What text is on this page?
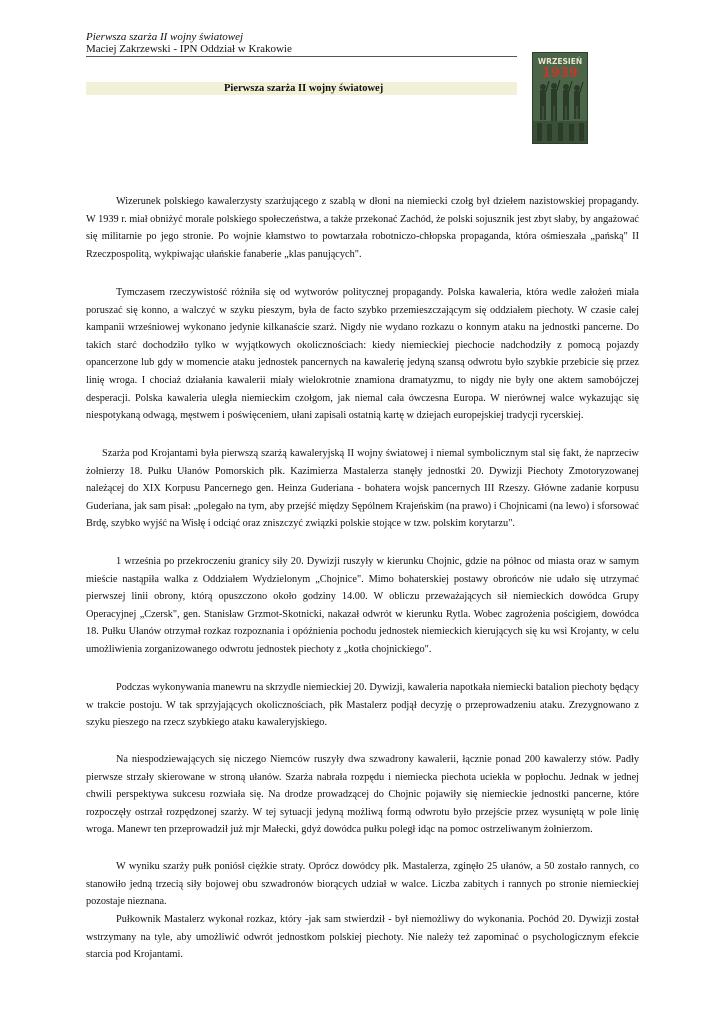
Pierwsza szarża II wojny światowej
Maciej Zakrzewski - IPN Oddział w Krakowie
Pierwsza szarża II wojny światowej
WRZESIEŃ
1939

Wizerunek polskiego kawalerzysty szarżującego z szablą w dłoni na niemiecki czołg był dziełem nazistowskiej propagandy. W 1939 r. miał obniżyć morale polskiego społeczeństwa, a także przekonać Zachód, że polski sojusznik jest zbyt słaby, by angażować się militarnie po jego stronie. Po wojnie kłamstwo to powtarzała robotniczo-chłopska propaganda, która ośmieszała „pańską" II Rzeczpospolitą, wykpiwając ułańskie fanaberie „klas panujących".

Tymczasem rzeczywistość różniła się od wytworów politycznej propagandy. Polska kawaleria, która wedle założeń miała poruszać się konno, a walczyć w szyku pieszym, była de facto szybko przemieszczającym się oddziałem piechoty. W czasie całej kampanii wrześniowej wykonano jedynie kilkanaście szarż. Nigdy nie wydano rozkazu o konnym ataku na jednostki pancerne. Do takich starć dochodziło tylko w wyjątkowych okolicznościach: kiedy niemieckiej piechocie nadchodziły z pomocą pojazdy opancerzone lub gdy w momencie ataku jednostek pancernych na kawalerię jedyną szansą odwrotu było szybkie przebicie się przez linię wroga. I chociaż działania kawalerii miały wielokrotnie znamiona dramatyzmu, to nigdy nie były one aktem samobójczej desperacji. Polska kawaleria uległa niemieckim czołgom, jak niemal cała ówczesna Europa. W nierównej walce wykazując się niespotykaną odwagą, męstwem i poświęceniem, ułani zapisali ostatnią kartę w dziejach europejskiej tradycji rycerskiej.

Szarża pod Krojantami była pierwszą szarżą kawaleryjską II wojny światowej i niemal symbolicznym stal się fakt, że naprzeciw żołnierzy 18. Pułku Ułanów Pomorskich płk. Kazimierza Mastalerza stanęły jednostki 20. Dywizji Piechoty Zmotoryzowanej należącej do XIX Korpusu Pancernego gen. Heinza Guderiana - bohatera wojsk pancernych III Rzeszy. Główne zadanie korpusu Guderiana, jak sam pisał: „polegało na tym, aby przejść między Sępólnem Krajeńskim (na prawo) i Chojnicami (na lewo) i sforsować Brdę, szybko wyjść na Wisłę i odciąć oraz zniszczyć związki polskie stojące w tzw. polskim korytarzu".

1 września po przekroczeniu granicy siły 20. Dywizji ruszyły w kierunku Chojnic, gdzie na północ od miasta oraz w samym mieście nastąpiła walka z Oddziałem Wydzielonym „Chojnice". Mimo bohaterskiej postawy obrońców nie udało się utrzymać pierwszej linii obrony, którą opuszczono około godziny 14.00. W obliczu przeważających sił niemieckich dowódca Grupy Operacyjnej „Czersk", gen. Stanisław Grzmot-Skotnicki, nakazał odwrót w kierunku Rytla. Wobec zagrożenia pościgiem, dowódca 18. Pułku Ułanów otrzymał rozkaz rozpoznania i opóźnienia pochodu jednostek niemieckich kierujących się ku wsi Krojanty, w celu umożliwienia zorganizowanego odwrotu jednostek piechoty z „kotła chojnickiego".

Podczas wykonywania manewru na skrzydle niemieckiej 20. Dywizji, kawaleria napotkała niemiecki batalion piechoty będący w trakcie postoju. W tak sprzyjających okolicznościach, płk Mastalerz podjął decyzję o przeprowadzeniu ataku. Zrezygnowano z szyku pieszego na rzecz szybkiego ataku kawaleryjskiego.

Na niespodziewających się niczego Niemców ruszyły dwa szwadrony kawalerii, łącznie ponad 200 kawalerzy stów. Padły pierwsze strzały skierowane w stroną ułanów. Szarża nabrała rozpędu i niemiecka piechota uciekła w popłochu. Jednak w jednej chwili perspektywa sukcesu rozwiała się. Na drodze prowadzącej do Chojnic pojawiły się niemieckie jednostki pancerne, które rozpoczęły ostrzał rozpędzonej szarży. W tej sytuacji jedyną możliwą formą odwrotu było przejście przez wysuniętą w pole linię wroga. Manewr ten przeprowadził już mjr Małecki, gdyż dowódca pułku poległ idąc na pomoc ostrzeliwanym żołnierzom.

W wyniku szarży pułk poniósł ciężkie straty. Oprócz dowódcy płk. Mastalerza, zginęło 25 ułanów, a 50 zostało rannych, co stanowiło jedną trzecią siły bojowej obu szwadronów biorących udział w walce. Liczba zabitych i rannych po stronie niemieckiej pozostaje nieznana.

Pułkownik Mastalerz wykonał rozkaz, który -jak sam stwierdził - był niemożliwy do wykonania. Pochód 20. Dywizji został wstrzymany na tyle, aby umożliwić odwrót jednostkom polskiej piechoty. Nie należy też zapominać o psychologicznym efekcie starcia pod Krojantami.
